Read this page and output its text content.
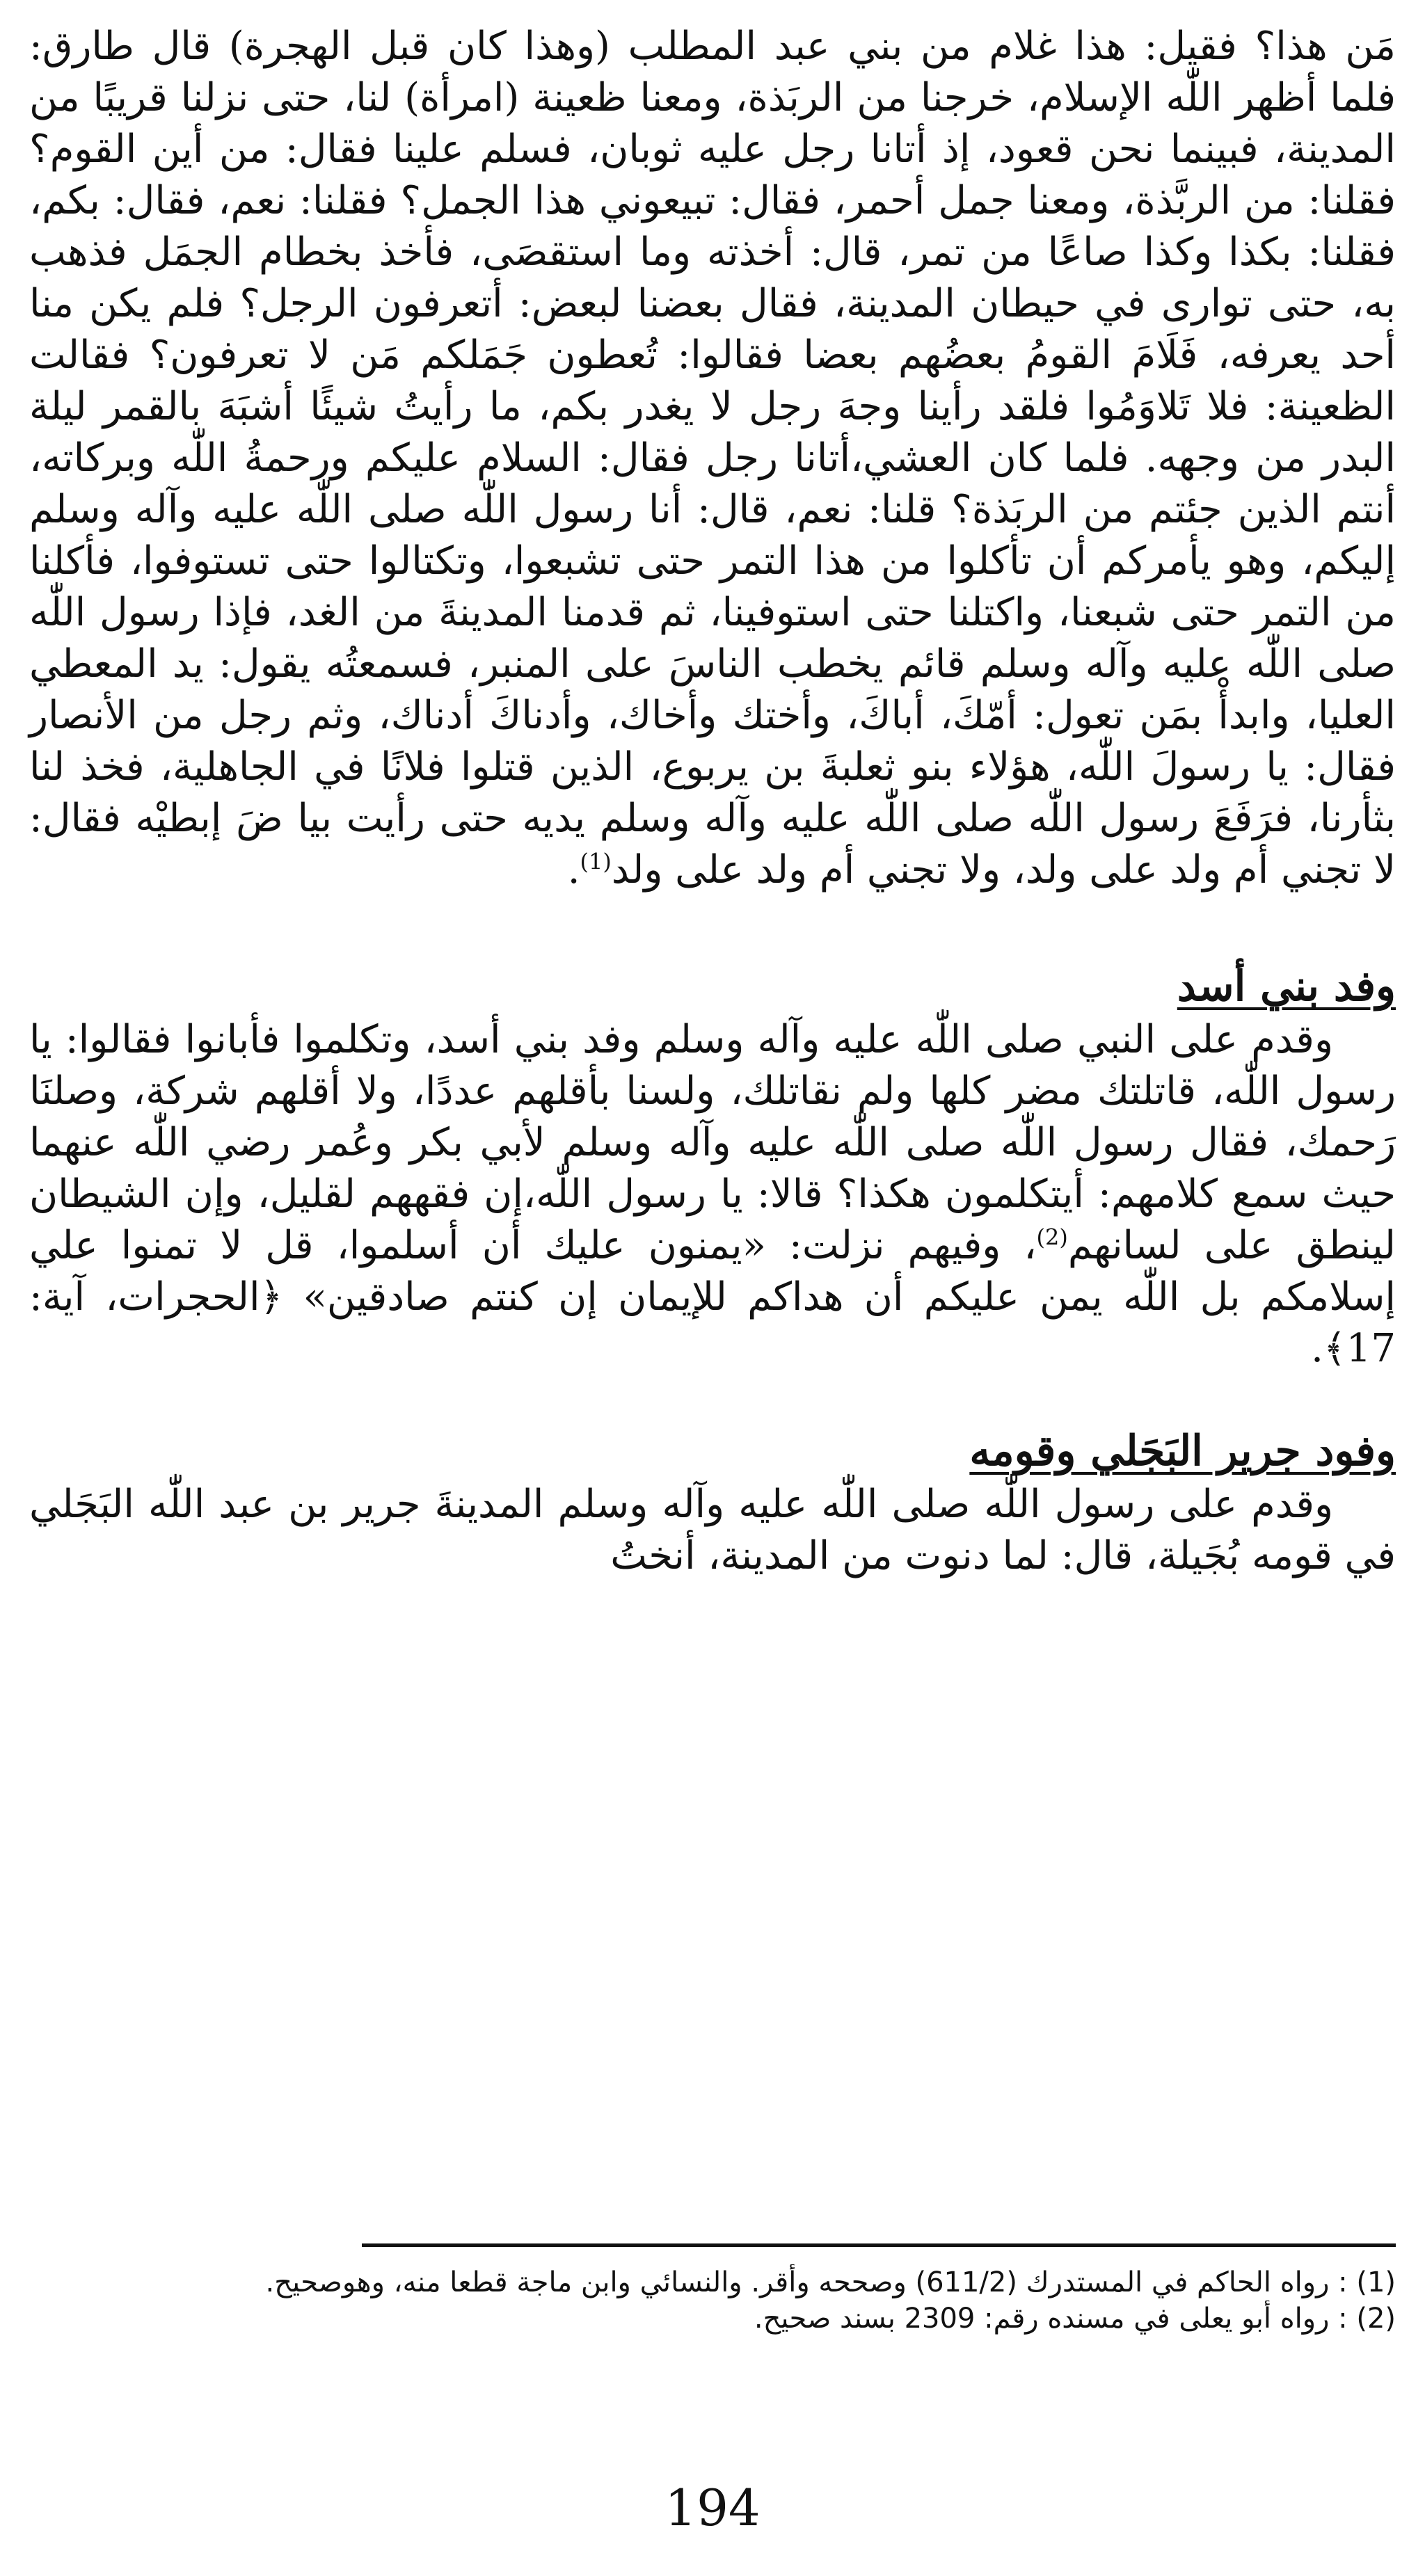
مَن هذا؟ فقيل: هذا غلام من بني عبد المطلب (وهذا كان قبل الهجرة) قال طارق: فلما أظهر اللّٰه الإسلام، خرجنا من الربَذة، ومعنا ظعينة (امرأة) لنا، حتى نزلنا قريبًا من المدينة، فبينما نحن قعود، إذ أتانا رجل عليه ثوبان، فسلم علينا فقال: من أين القوم؟ فقلنا: من الربَّذة، ومعنا جمل أحمر، فقال: تبيعوني هذا الجمل؟ فقلنا: نعم، فقال: بكم، فقلنا: بكذا وكذا صاعًا من تمر، قال: أخذته وما استقصَى، فأخذ بخطام الجمَل فذهب به، حتى توارى في حيطان المدينة، فقال بعضنا لبعض: أتعرفون الرجل؟ فلم يكن منا أحد يعرفه، فَلَامَ القومُ بعضُهم بعضا فقالوا: تُعطون جَمَلكم مَن لا تعرفون؟ فقالت الظعينة: فلا تَلاوَمُوا فلقد رأينا وجهَ رجل لا يغدر بكم، ما رأيتُ شيئًا أشبَهَ بالقمر ليلة البدر من وجهه. فلما كان العشي،أتانا رجل فقال: السلام عليكم ورحمةُ اللّٰه وبركاته، أنتم الذين جئتم من الربَذة؟ قلنا: نعم، قال: أنا رسول اللّٰه صلى اللّٰه عليه وآله وسلم إليكم، وهو يأمركم أن تأكلوا من هذا التمر حتى تشبعوا، وتكتالوا حتى تستوفوا، فأكلنا من التمر حتى شبعنا، واكتلنا حتى استوفينا، ثم قدمنا المدينةَ من الغد، فإذا رسول اللّٰه صلى اللّٰه عليه وآله وسلم قائم يخطب الناسَ على المنبر، فسمعتُه يقول: يد المعطي العليا، وابدأْ بمَن تعول: أمّكَ، أباكَ، وأختك وأخاك، وأدناكَ أدناك، وثم رجل من الأنصار فقال: يا رسولَ اللّٰه، هؤلاء بنو ثعلبةَ بن يربوع، الذين قتلوا فلانًا في الجاهلية، فخذ لنا بثأرنا، فرَفَعَ رسول اللّٰه صلى اللّٰه عليه وآله وسلم يديه حتى رأيت بيا ضَ إبطيْه فقال: لا تجني أم ولد على ولد، ولا تجني أم ولد على ولد$^{(1)}$.

وفد بني أسد

وقدم على النبي صلى اللّٰه عليه وآله وسلم وفد بني أسد، وتكلموا فأبانوا فقالوا: يا رسول اللّٰه، قاتلتك مضر كلها ولم نقاتلك، ولسنا بأقلهم عددًا، ولا أقلهم شركة، وصلنَا رَحمك، فقال رسول اللّٰه صلى اللّٰه عليه وآله وسلم لأبي بكر وعُمر رضي اللّٰه عنهما حيث سمع كلامهم: أيتكلمون هكذا؟ قالا: يا رسول اللّٰه،إن فقههم لقليل، وإن الشيطان لينطق على لسانهم$^{(2)}$، وفيهم نزلت: «يمنون عليك أن أسلموا، قل لا تمنوا علي إسلامكم بل اللّٰه يمن عليكم أن هداكم للإيمان إن كنتم صادقين» ﴿الحجرات، آية: 17﴾.

وفود جرير البَجَلي وقومه

وقدم على رسول اللّٰه صلى اللّٰه عليه وآله وسلم المدينةَ جرير بن عبد اللّٰه البَجَلي في قومه بُجَيلة، قال: لما دنوت من المدينة، أنختُ

(1) : رواه الحاكم في المستدرك (611/2) وصححه وأقر. والنسائي وابن ماجة قطعا منه، وهوصحيح.

(2) : رواه أبو يعلى في مسنده رقم: 2309 بسند صحيح.

194
